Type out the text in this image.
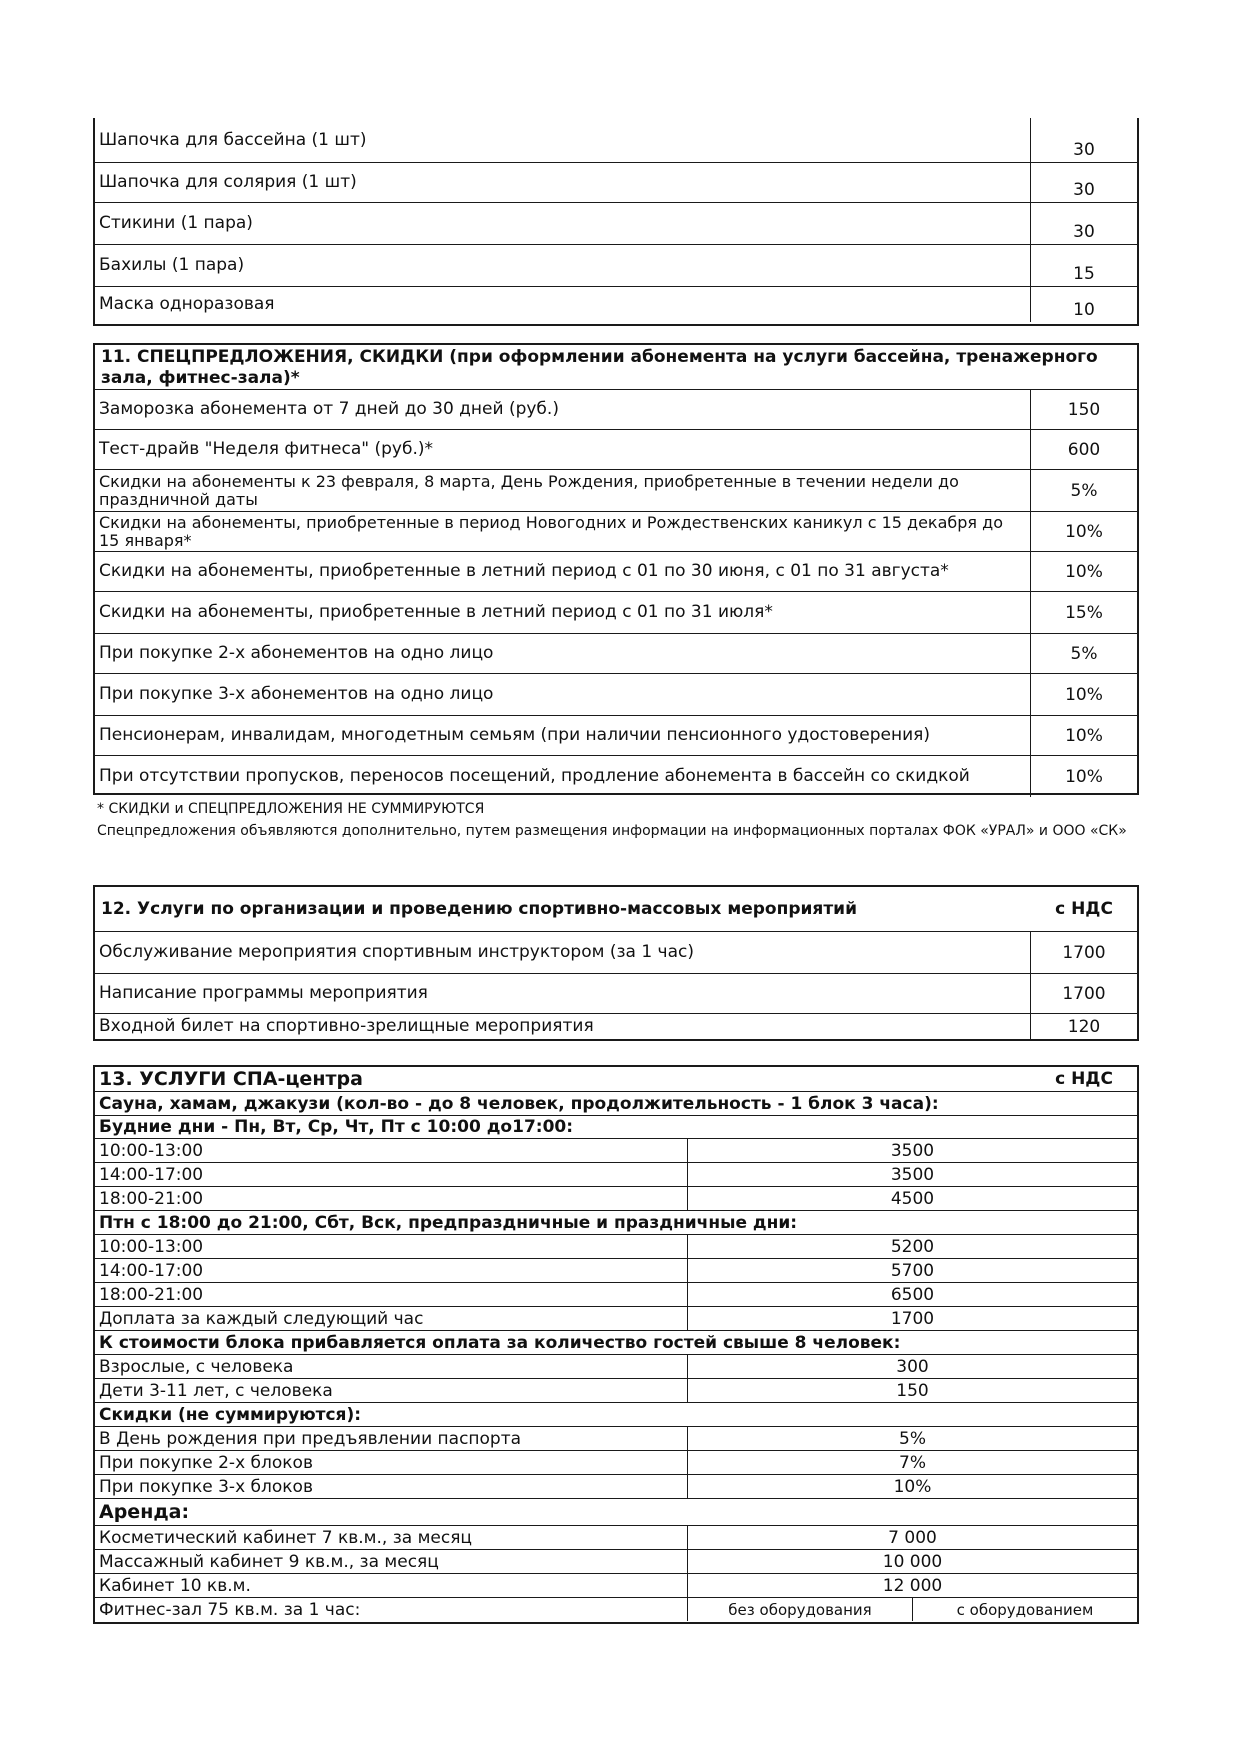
Шапочка для бассейна (1 шт)
30
Шапочка для солярия (1 шт)	30
Стикини (1 пара)	30
Бахилы (1 пара)	15
Маска одноразовая	10
11. СПЕЦПРЕДЛОЖЕНИЯ, СКИДКИ (при оформлении абонемента на услуги бассейна, тренажерного зала, фитнес-зала)*
Заморозка абонемента от 7 дней до 30 дней (руб.)	150
Тест-драйв "Неделя фитнеса" (руб.)*	600
Скидки на абонементы к 23 февраля, 8 марта, День Рождения, приобретенные в течении недели до праздничной даты	5%
Скидки на абонементы, приобретенные в период Новогодних и Рождественских каникул с 15 декабря до 15 января*	10%
Скидки на абонементы, приобретенные в летний период с 01 по 30 июня, с 01 по 31 августа*	10%
Скидки на абонементы, приобретенные в летний период с 01 по 31 июля*	15%
При покупке 2-х абонементов на одно лицо	5%
При покупке 3-х абонементов на одно лицо	10%
Пенсионерам, инвалидам, многодетным семьям (при наличии пенсионного удостоверения)	10%
При отсутствии пропусков, переносов посещений, продление абонемента в бассейн со скидкой	10%
* СКИДКИ и СПЕЦПРЕДЛОЖЕНИЯ НЕ СУММИРУЮТСЯ
Спецпредложения объявляются дополнительно, путем размещения информации на информационных порталах ФОК «УРАЛ» и ООО «СК»
12. Услуги по организации и проведению спортивно-массовых мероприятий	с НДС
Обслуживание мероприятия спортивным инструктором (за 1 час)	1700
Написание программы мероприятия	1700
Входной билет на спортивно-зрелищные мероприятия	120
13. УСЛУГИ СПА-центра	с НДС
Сауна, хамам, джакузи (кол-во - до 8 человек, продолжительность - 1 блок 3 часа):
Будние дни - Пн, Вт, Ср, Чт, Пт с 10:00 до17:00:
10:00-13:00	3500
14:00-17:00	3500
18:00-21:00	4500
Птн с 18:00 до 21:00, Сбт, Вск, предпраздничные и праздничные дни:
10:00-13:00	5200
14:00-17:00	5700
18:00-21:00	6500
Доплата за каждый следующий час	1700
К стоимости блока прибавляется оплата за количество гостей свыше 8 человек:
Взрослые, с человека	300
Дети 3-11 лет, с человека	150
Скидки (не суммируются):
В День рождения при предъявлении паспорта	5%
При покупке 2-х блоков	7%
При покупке 3-х блоков	10%
Аренда:
Косметический кабинет 7 кв.м., за месяц	7 000
Массажный кабинет 9 кв.м., за месяц	10 000
Кабинет 10 кв.м.	12 000
Фитнес-зал 75 кв.м. за 1 час:	без оборудования	с оборудованием
